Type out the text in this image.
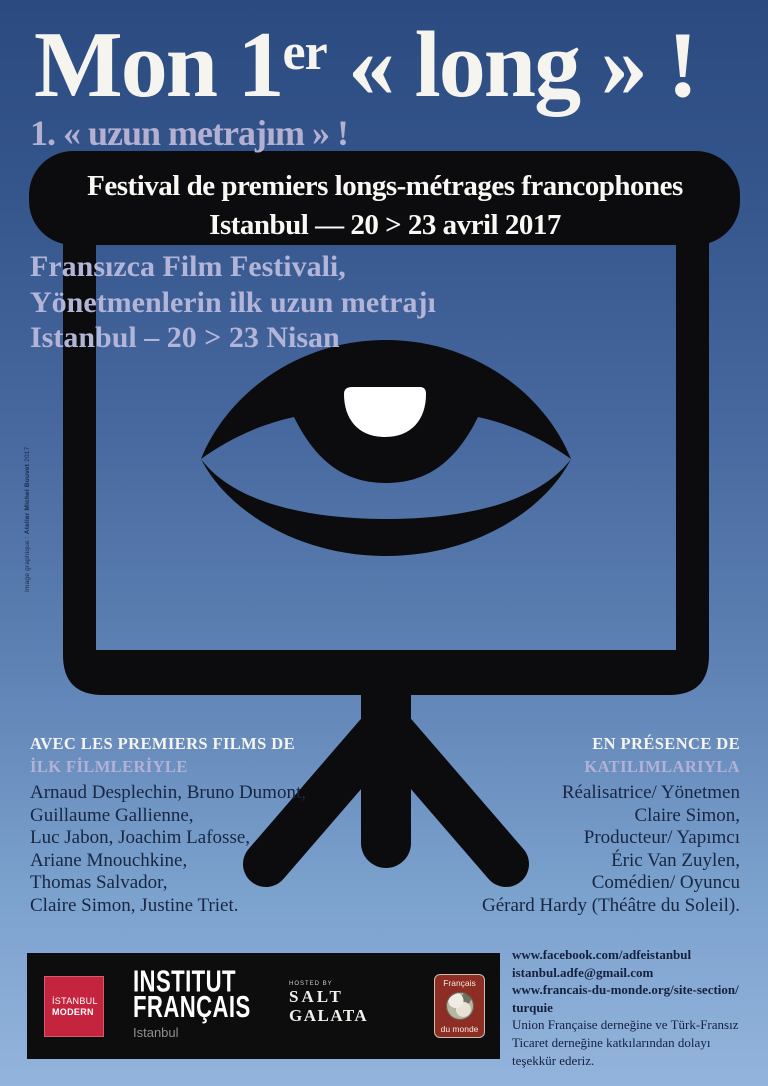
Mon 1er « long » !
1. « uzun metrajım » !
Festival de premiers longs-métrages francophones
Istanbul — 20 > 23 avril 2017
Fransızca Film Festivali,
Yönetmenlerin ilk uzun metrajı
Istanbul – 20 > 23 Nisan
AVEC LES PREMIERS FILMS DE
İLK FİLMLERİYLE
Arnaud Desplechin, Bruno Dumont,
Guillaume Gallienne,
Luc Jabon, Joachim Lafosse,
Ariane Mnouchkine,
Thomas Salvador,
Claire Simon, Justine Triet.
EN PRÉSENCE DE
KATILIMLARIYLA
Réalisatrice/ Yönetmen
Claire Simon,
Producteur/ Yapımcı
Éric Van Zuylen,
Comédien/ Oyuncu
Gérard Hardy (Théâtre du Soleil).
Image graphique : Atelier Michel Bouvet 2017
İSTANBUL
MODERN
INSTITUT
FRANÇAIS
Istanbul
HOSTED BY
SALT
GALATA
Français
du monde
www.facebook.com/adfeistanbul
istanbul.adfe@gmail.com
www.francais-du-monde.org/site-section/
turquie
Union Française derneğine ve Türk-Fransız
Ticaret derneğine katkılarından dolayı
teşekkür ederiz.
